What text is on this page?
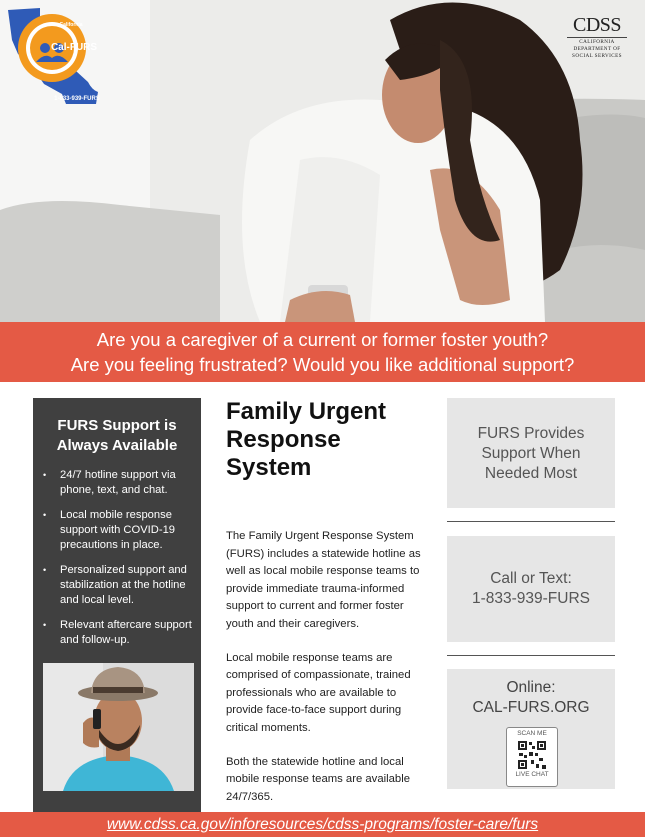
California
Cal-FURS
1-833-939-FURS
CDSS
CALIFORNIA
DEPARTMENT OF
SOCIAL SERVICES
Are you a caregiver of a current or former foster youth?
Are you feeling frustrated? Would you like additional support?
FURS Support is
Always Available
• 24/7 hotline support via phone, text, and chat.
• Local mobile response support with COVID-19 precautions in place.
• Personalized support and stabilization at the hotline and local level.
• Relevant aftercare support and follow-up.
Family Urgent
Response System

The Family Urgent Response System (FURS) includes a statewide hotline as well as local mobile response teams to provide immediate trauma-informed support to current and former foster youth and their caregivers.

Local mobile response teams are comprised of compassionate, trained professionals who are available to provide face-to-face support during critical moments.

Both the statewide hotline and local mobile response teams are available 24/7/365.

FURS Provides
Support When
Needed Most
Call or Text:
1-833-939-FURS
Online:
CAL-FURS.ORG
SCAN ME
LIVE CHAT
www.cdss.ca.gov/inforesources/cdss-programs/foster-care/furs
